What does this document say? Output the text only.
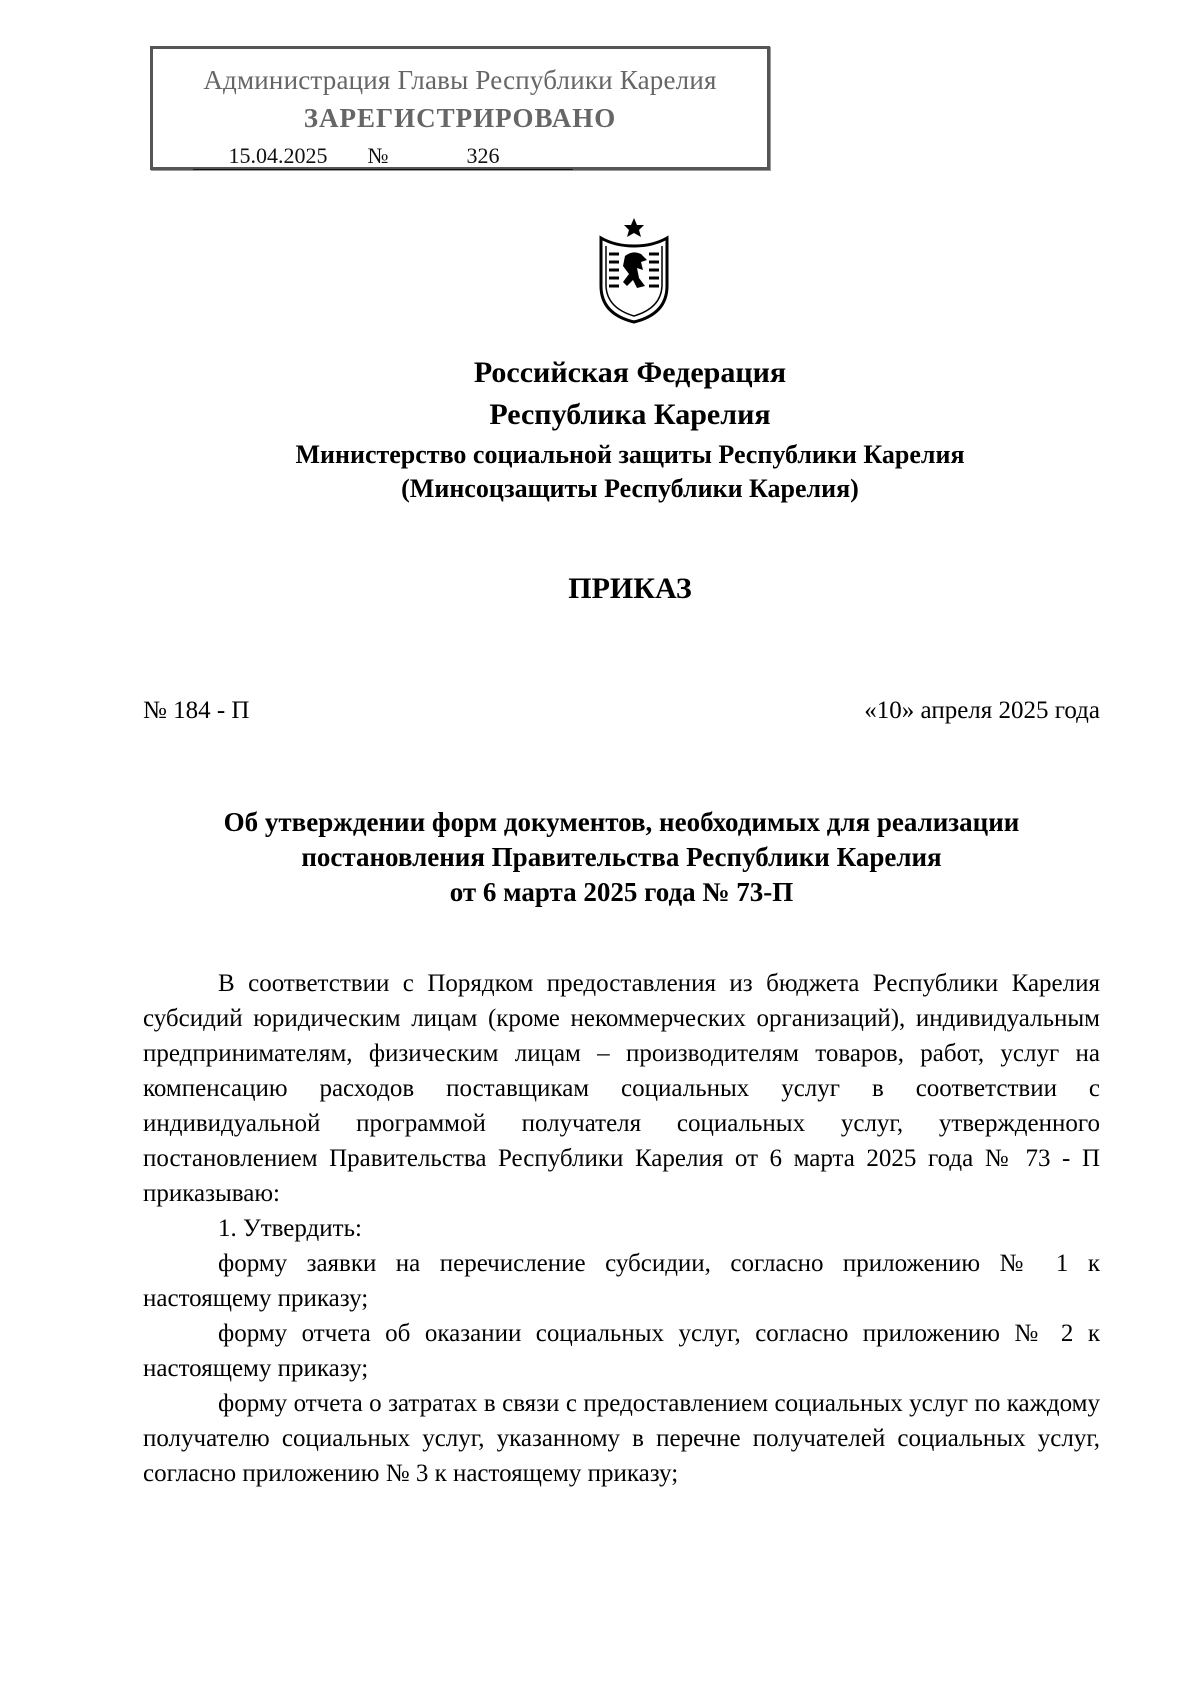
Администрация Главы Республики Карелия
ЗАРЕГИСТРИРОВАНО
15.04.2025 №	326
Российская Федерация
Республика Карелия
Министерство социальной защиты Республики Карелия
(Минсоцзащиты Республики Карелия)
ПРИКАЗ
№ 184 - П	«10» апреля 2025 года
Об утверждении форм документов, необходимых для реализации
постановления Правительства Республики Карелия
от 6 марта 2025 года № 73-П

В соответствии с Порядком предоставления из бюджета Республики Карелия субсидий юридическим лицам (кроме некоммерческих организаций), индивидуальным предпринимателям, физическим лицам – производителям товаров, работ, услуг на компенсацию расходов поставщикам социальных услуг в соответствии с индивидуальной программой получателя социальных услуг, утвержденного постановлением Правительства Республики Карелия от 6 марта 2025 года № 73 - П приказываю:

1. Утвердить:

форму заявки на перечисление субсидии, согласно приложению № 1 к настоящему приказу;

форму отчета об оказании социальных услуг, согласно приложению № 2 к настоящему приказу;

форму отчета о затратах в связи с предоставлением социальных услуг по каждому получателю социальных услуг, указанному в перечне получателей социальных услуг, согласно приложению № 3 к настоящему приказу;
